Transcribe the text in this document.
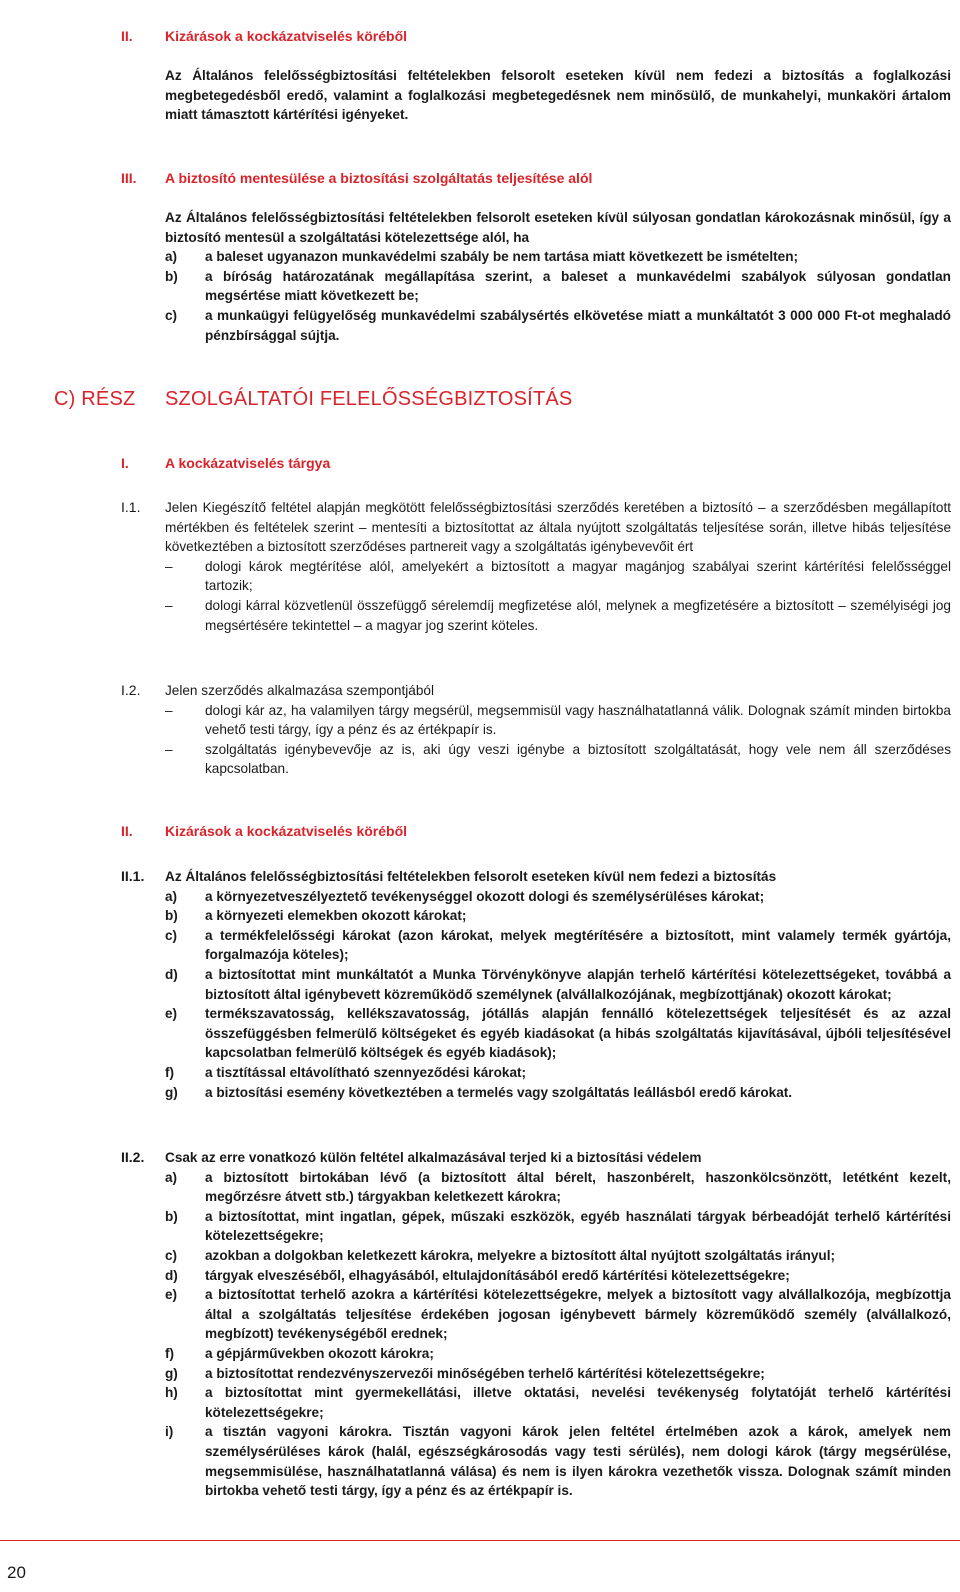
II. Kizárások a kockázatviselés köréből
Az Általános felelősségbiztosítási feltételekben felsorolt eseteken kívül nem fedezi a biztosítás a foglalkozási megbetegedésből eredő, valamint a foglalkozási megbetegedésnek nem minősülő, de munkahelyi, munkaköri ártalom miatt támasztott kártérítési igényeket.
III. A biztosító mentesülése a biztosítási szolgáltatás teljesítése alól
Az Általános felelősségbiztosítási feltételekben felsorolt eseteken kívül súlyosan gondatlan károkozásnak minősül, így a biztosító mentesül a szolgáltatási kötelezettsége alól, ha
a) a baleset ugyanazon munkavédelmi szabály be nem tartása miatt következett be ismételten;
b) a bíróság határozatának megállapítása szerint, a baleset a munkavédelmi szabályok súlyosan gondatlan megsértése miatt következett be;
c) a munkaügyi felügyelőség munkavédelmi szabálysértés elkövetése miatt a munkáltatót 3 000 000 Ft-ot meghaladó pénzbírsággal sújtja.
C) RÉSZ SZOLGÁLTATÓI FELELŐSSÉGBIZTOSÍTÁS
I.	A kockázatviselés tárgya
I.1. Jelen Kiegészítő feltétel alapján megkötött felelősségbiztosítási szerződés keretében a biztosító – a szerződésben megállapított mértékben és feltételek szerint – mentesíti a biztosítottat az általa nyújtott szolgáltatás teljesítése során, illetve hibás teljesítése következtében a biztosított szerződéses partnereit vagy a szolgáltatás igénybevevőit ért
– dologi károk megtérítése alól, amelyekért a biztosított a magyar magánjog szabályai szerint kártérítési felelősséggel tartozik;
– dologi kárral közvetlenül összefüggő sérelemdíj megfizetése alól, melynek a megfizetésére a biztosított – személyiségi jog megsértésére tekintettel – a magyar jog szerint köteles.
I.2. Jelen szerződés alkalmazása szempontjából
– dologi kár az, ha valamilyen tárgy megsérül, megsemmisül vagy használhatatlanná válik. Dolognak számít minden birtokba vehető testi tárgy, így a pénz és az értékpapír is.
– szolgáltatás igénybevevője az is, aki úgy veszi igénybe a biztosított szolgáltatását, hogy vele nem áll szerződéses kapcsolatban.
II. Kizárások a kockázatviselés köréből
II.1. Az Általános felelősségbiztosítási feltételekben felsorolt eseteken kívül nem fedezi a biztosítás
a) a környezetveszélyeztető tevékenységgel okozott dologi és személysérüléses károkat;
b) a környezeti elemekben okozott károkat;
c) a termékfelelősségi károkat (azon károkat, melyek megtérítésére a biztosított, mint valamely termék gyártója, forgalmazója köteles);
d) a biztosítottat mint munkáltatót a Munka Törvénykönyve alapján terhelő kártérítési kötelezettségeket, továbbá a biztosított által igénybevett közreműködő személynek (alvállalkozójának, megbízottjának) okozott károkat;
e) termékszavatosság, kellékszavatosság, jótállás alapján fennálló kötelezettségek teljesítését és az azzal összefüggésben felmerülő költségeket és egyéb kiadásokat (a hibás szolgáltatás kijavításával, újbóli teljesítésével kapcsolatban felmerülő költségek és egyéb kiadások);
f) a tisztítással eltávolítható szennyeződési károkat;
g) a biztosítási esemény következtében a termelés vagy szolgáltatás leállásból eredő károkat.
II.2. Csak az erre vonatkozó külön feltétel alkalmazásával terjed ki a biztosítási védelem
a) a biztosított birtokában lévő (a biztosított által bérelt, haszonbérelt, haszonkölcsönzött, letétként kezelt, megőrzésre átvett stb.) tárgyakban keletkezett károkra;
b) a biztosítottat, mint ingatlan, gépek, műszaki eszközök, egyéb használati tárgyak bérbeadóját terhelő kártérítési kötelezettségekre;
c) azokban a dolgokban keletkezett károkra, melyekre a biztosított által nyújtott szolgáltatás irányul;
d) tárgyak elveszéséből, elhagyásából, eltulajdonításából eredő kártérítési kötelezettségekre;
e) a biztosítottat terhelő azokra a kártérítési kötelezettségekre, melyek a biztosított vagy alvállalkozója, megbízottja által a szolgáltatás teljesítése érdekében jogosan igénybevett bármely közreműködő személy (alvállalkozó, megbízott) tevékenységéből erednek;
f) a gépjárművekben okozott károkra;
g) a biztosítottat rendezvényszervezői minőségében terhelő kártérítési kötelezettségekre;
h) a biztosítottat mint gyermekellátási, illetve oktatási, nevelési tevékenység folytatóját terhelő kártérítési kötelezettségekre;
i) a tisztán vagyoni károkra. Tisztán vagyoni károk jelen feltétel értelmében azok a károk, amelyek nem személysérüléses károk (halál, egészségkárosodás vagy testi sérülés), nem dologi károk (tárgy megsérülése, megsemmisülése, használhatatlanná válása) és nem is ilyen károkra vezethetők vissza. Dolognak számít minden birtokba vehető testi tárgy, így a pénz és az értékpapír is.
20
